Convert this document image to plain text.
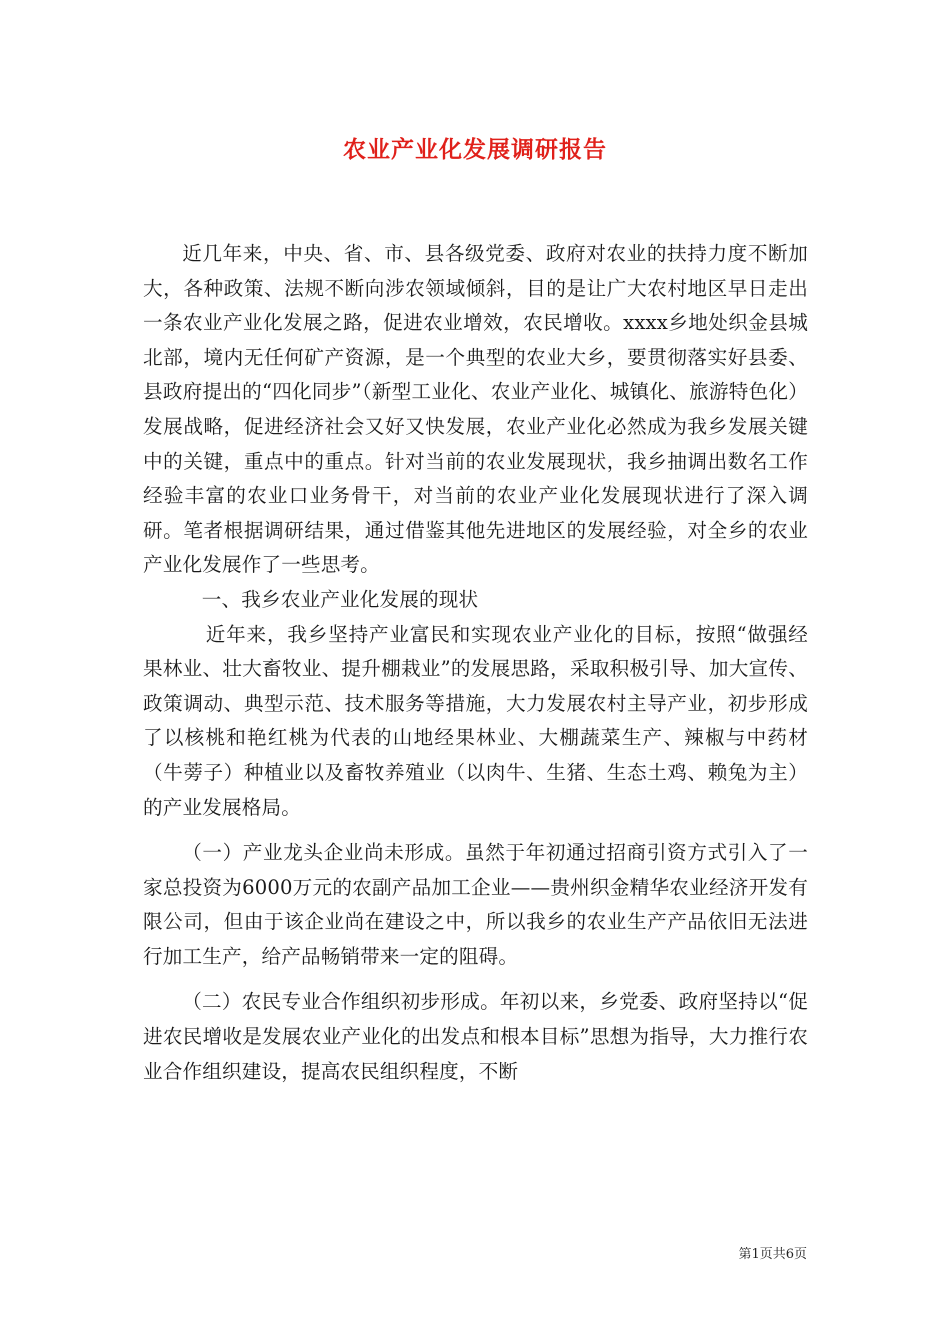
农业产业化发展调研报告

近几年来，中央、省、市、县各级党委、政府对农业的扶持力度不断加大，各种政策、法规不断向涉农领域倾斜，目的是让广大农村地区早日走出一条农业产业化发展之路，促进农业增效，农民增收。xxxx乡地处织金县城北部，境内无任何矿产资源，是一个典型的农业大乡，要贯彻落实好县委、县政府提出的“四化同步”（新型工业化、农业产业化、城镇化、旅游特色化）发展战略，促进经济社会又好又快发展，农业产业化必然成为我乡发展关键中的关键，重点中的重点。针对当前的农业发展现状，我乡抽调出数名工作经验丰富的农业口业务骨干，对当前的农业产业化发展现状进行了深入调研。笔者根据调研结果，通过借鉴其他先进地区的发展经验，对全乡的农业产业化发展作了一些思考。

一、我乡农业产业化发展的现状

近年来，我乡坚持产业富民和实现农业产业化的目标，按照“做强经果林业、壮大畜牧业、提升棚栽业”的发展思路，采取积极引导、加大宣传、政策调动、典型示范、技术服务等措施，大力发展农村主导产业，初步形成了以核桃和艳红桃为代表的山地经果林业、大棚蔬菜生产、辣椒与中药材（牛蒡子）种植业以及畜牧养殖业（以肉牛、生猪、生态土鸡、赖兔为主）的产业发展格局。

（一）产业龙头企业尚未形成。虽然于年初通过招商引资方式引入了一家总投资为6000万元的农副产品加工企业——贵州织金精华农业经济开发有限公司，但由于该企业尚在建设之中，所以我乡的农业生产产品依旧无法进行加工生产，给产品畅销带来一定的阻碍。

（二）农民专业合作组织初步形成。年初以来，乡党委、政府坚持以“促进农民增收是发展农业产业化的出发点和根本目标”思想为指导，大力推行农业合作组织建设，提高农民组织程度，不断

第1页共6页
